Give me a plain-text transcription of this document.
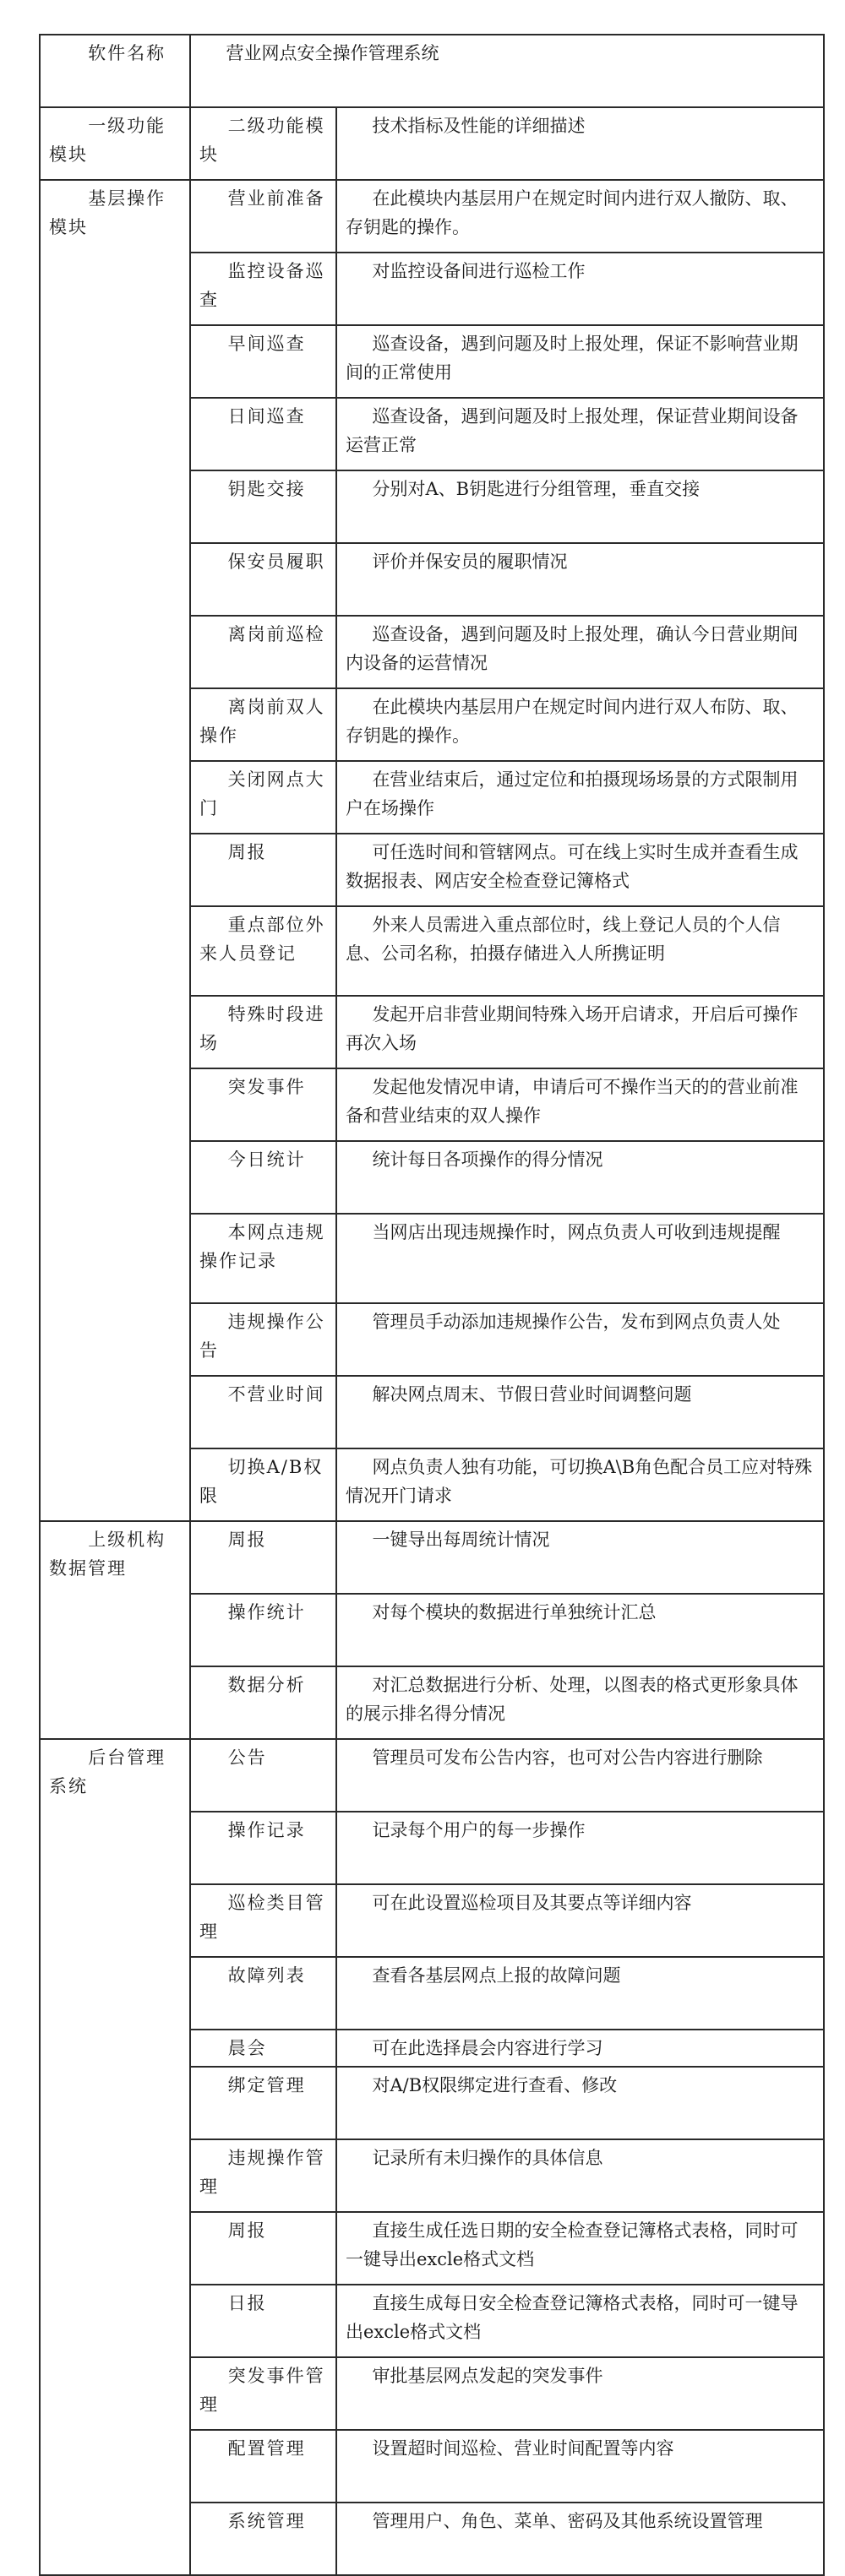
软件名称	营业网点安全操作管理系统	
一级功能模块	二级功能模块	技术指标及性能的详细描述
基层操作模块	营业前准备	在此模块内基层用户在规定时间内进行双人撤防、取、存钥匙的操作。
	监控设备巡查	对监控设备间进行巡检工作
	早间巡查	巡查设备，遇到问题及时上报处理，保证不影响营业期间的正常使用
	日间巡查	巡查设备，遇到问题及时上报处理，保证营业期间设备运营正常
	钥匙交接	分别对A、B钥匙进行分组管理，垂直交接
	保安员履职	评价并保安员的履职情况
	离岗前巡检	巡查设备，遇到问题及时上报处理，确认今日营业期间内设备的运营情况
	离岗前双人操作	在此模块内基层用户在规定时间内进行双人布防、取、存钥匙的操作。
	关闭网点大门	在营业结束后，通过定位和拍摄现场场景的方式限制用户在场操作
	周报	可任选时间和管辖网点。可在线上实时生成并查看生成数据报表、网店安全检查登记簿格式
	重点部位外来人员登记	外来人员需进入重点部位时，线上登记人员的个人信息、公司名称，拍摄存储进入人所携证明
	特殊时段进场	发起开启非营业期间特殊入场开启请求，开启后可操作再次入场
	突发事件	发起他发情况申请，申请后可不操作当天的的营业前准备和营业结束的双人操作
	今日统计	统计每日各项操作的得分情况
	本网点违规操作记录	当网店出现违规操作时，网点负责人可收到违规提醒
	违规操作公告	管理员手动添加违规操作公告，发布到网点负责人处
	不营业时间	解决网点周末、节假日营业时间调整问题
	切换A/B权限	网点负责人独有功能，可切换A\B角色配合员工应对特殊情况开门请求
上级机构数据管理	周报	一键导出每周统计情况
	操作统计	对每个模块的数据进行单独统计汇总
	数据分析	对汇总数据进行分析、处理，以图表的格式更形象具体的展示排名得分情况
后台管理系统	公告	管理员可发布公告内容，也可对公告内容进行删除
	操作记录	记录每个用户的每一步操作
	巡检类目管理	可在此设置巡检项目及其要点等详细内容
	故障列表	查看各基层网点上报的故障问题
	晨会	可在此选择晨会内容进行学习
	绑定管理	对A/B权限绑定进行查看、修改
	违规操作管理	记录所有未归操作的具体信息
	周报	直接生成任选日期的安全检查登记簿格式表格，同时可一键导出excle格式文档
	日报	直接生成每日安全检查登记簿格式表格，同时可一键导出excle格式文档
	突发事件管理	审批基层网点发起的突发事件
	配置管理	设置超时间巡检、营业时间配置等内容
	系统管理	管理用户、角色、菜单、密码及其他系统设置管理
